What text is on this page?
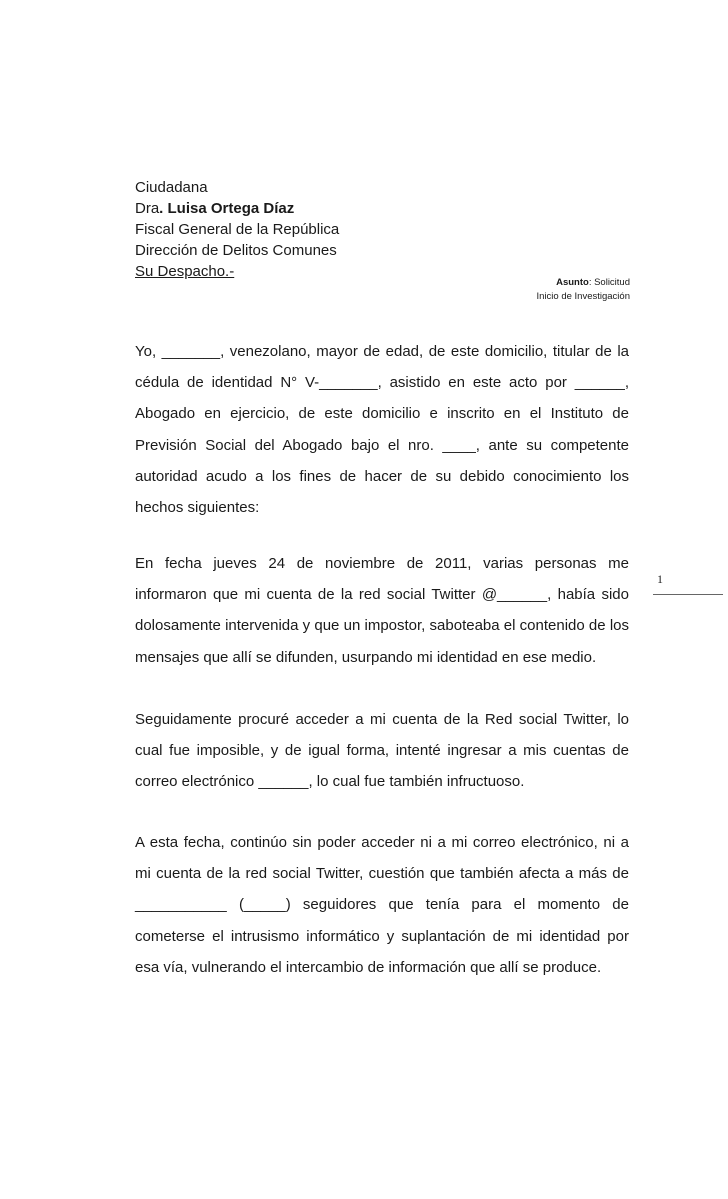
Ciudadana
Dra. Luisa Ortega Díaz
Fiscal General de la República
Dirección de Delitos Comunes
Su Despacho.-
Asunto: Solicitud
Inicio de Investigación

Yo, _______, venezolano, mayor de edad, de este domicilio, titular de la cédula de identidad N° V-_______, asistido en este acto por ______, Abogado en ejercicio, de este domicilio e inscrito en el Instituto de Previsión Social del Abogado bajo el nro. ____, ante su competente autoridad acudo a los fines de hacer de su debido conocimiento los hechos siguientes:

En fecha jueves 24 de noviembre de 2011, varias personas me informaron que mi cuenta de la red social Twitter @______, había sido dolosamente intervenida y que un impostor, saboteaba el contenido de los mensajes que allí se difunden, usurpando mi identidad en ese medio.

Seguidamente procuré acceder a mi cuenta de la Red social Twitter, lo cual fue imposible, y de igual forma, intenté ingresar a mis cuentas de correo electrónico ______, lo cual fue también infructuoso.

A esta fecha, continúo sin poder acceder ni a mi correo electrónico, ni a mi cuenta de la red social Twitter, cuestión que también afecta a más de ___________ (_____) seguidores que tenía para el momento de cometerse el intrusismo informático y suplantación de mi identidad por esa vía, vulnerando el intercambio de información que allí se produce.

1
